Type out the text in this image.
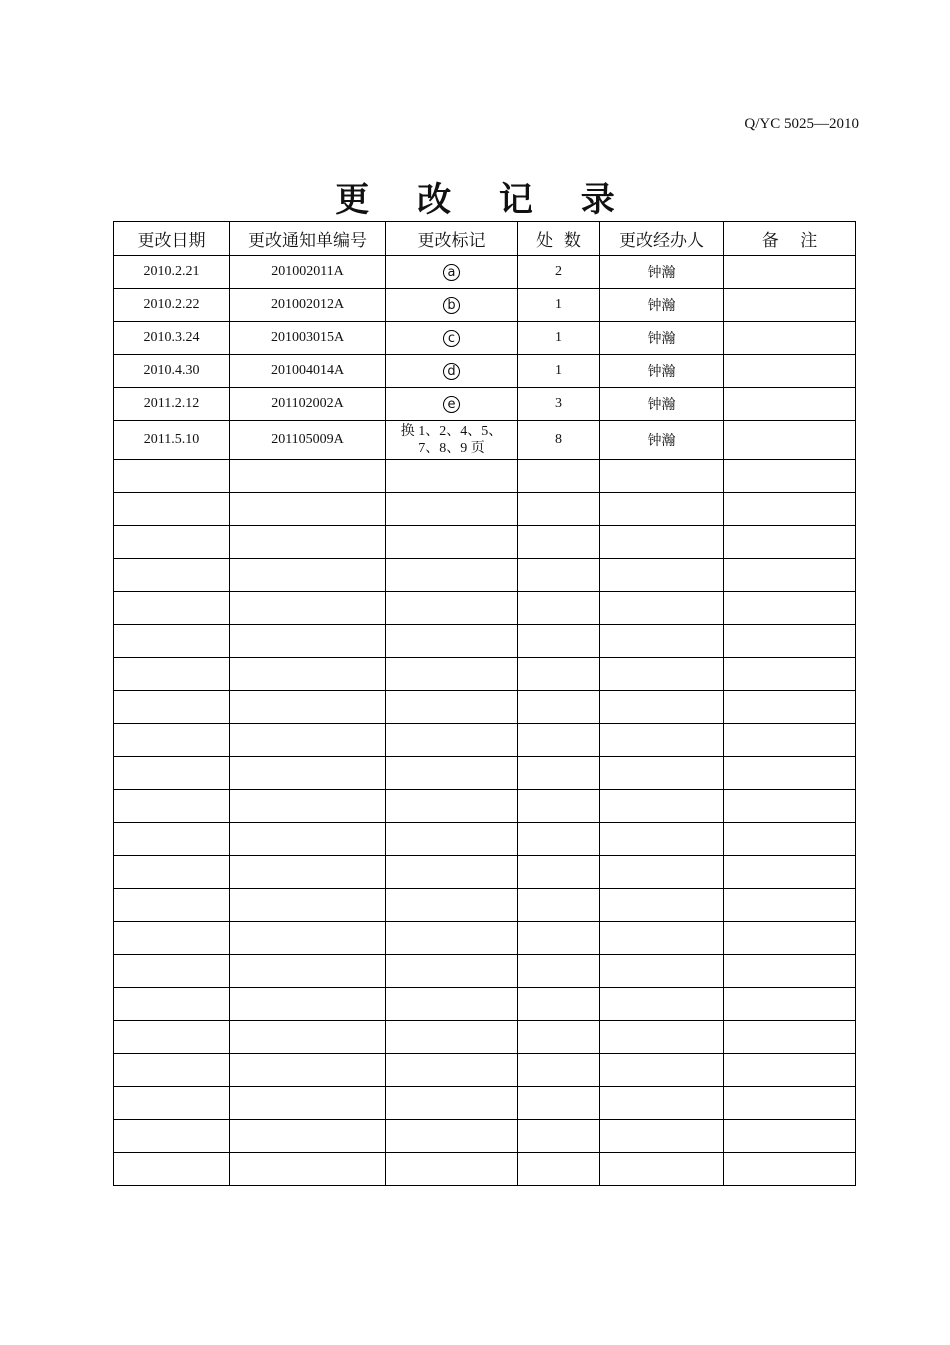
Q/YC 5025—2010
更 改 记 录
更改日期	更改通知单编号	更改标记	处  数	更改经办人	备    注
2010.2.21	201002011A	a	2	钟瀚	
2010.2.22	201002012A	b	1	钟瀚	
2010.3.24	201003015A	c	1	钟瀚	
2010.4.30	201004014A	d	1	钟瀚	
2011.2.12	201102002A	e	3	钟瀚	
2011.5.10	201105009A	换 1、2、4、5、7、8、9 页	8	钟瀚	
